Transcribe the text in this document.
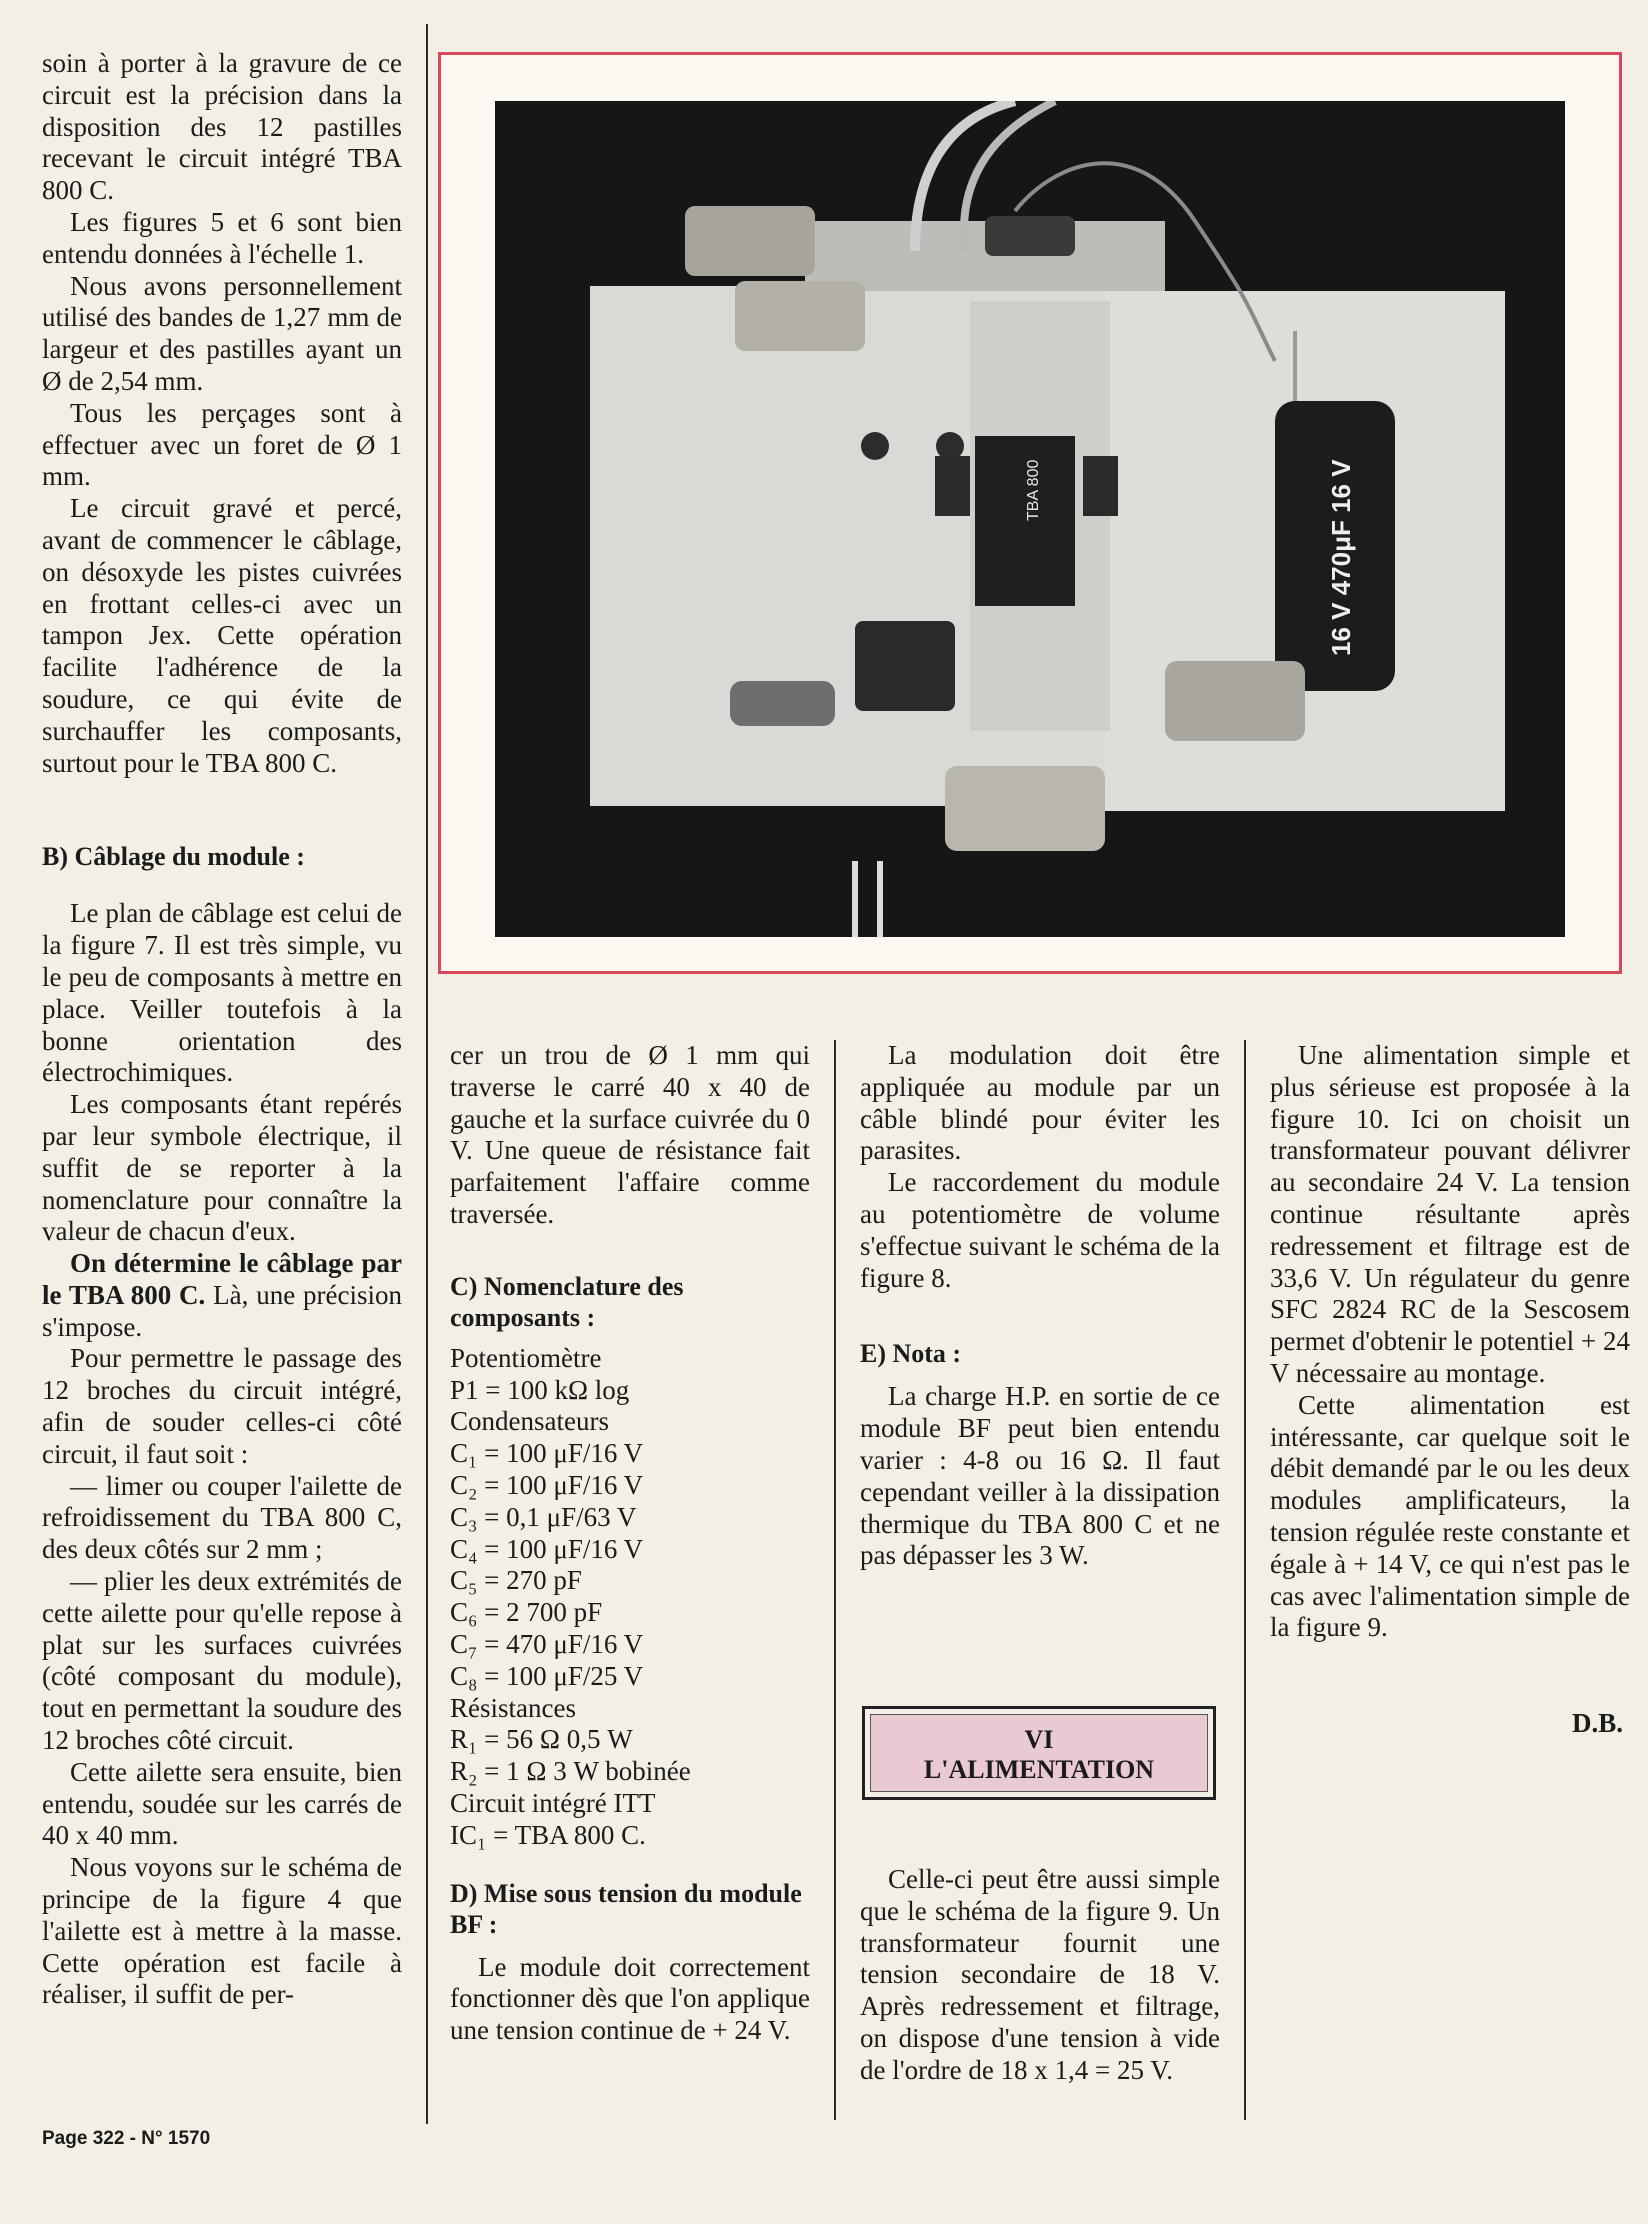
TBA 800	16 V 470μF 16 V

soin à porter à la gravure de ce circuit est la précision dans la disposition des 12 pastilles recevant le circuit intégré TBA 800 C.

Les figures 5 et 6 sont bien entendu données à l'échelle 1.

Nous avons personnellement utilisé des bandes de 1,27 mm de largeur et des pastilles ayant un Ø de 2,54 mm.

Tous les perçages sont à effectuer avec un foret de Ø 1 mm.

Le circuit gravé et percé, avant de commencer le câblage, on désoxyde les pistes cuivrées en frottant celles-ci avec un tampon Jex. Cette opération facilite l'adhérence de la soudure, ce qui évite de surchauffer les composants, surtout pour le TBA 800 C.

B) Câblage du module :

Le plan de câblage est celui de la figure 7. Il est très simple, vu le peu de composants à mettre en place. Veiller toutefois à la bonne orientation des électrochimiques.

Les composants étant repérés par leur symbole électrique, il suffit de se reporter à la nomenclature pour connaître la valeur de chacun d'eux.

On détermine le câblage par le TBA 800 C. Là, une précision s'impose.

Pour permettre le passage des 12 broches du circuit intégré, afin de souder celles-ci côté circuit, il faut soit :

— limer ou couper l'ailette de refroidissement du TBA 800 C, des deux côtés sur 2 mm ;

— plier les deux extrémités de cette ailette pour qu'elle repose à plat sur les surfaces cuivrées (côté composant du module), tout en permettant la soudure des 12 broches côté circuit.

Cette ailette sera ensuite, bien entendu, soudée sur les carrés de 40 x 40 mm.

Nous voyons sur le schéma de principe de la figure 4 que l'ailette est à mettre à la masse. Cette opération est facile à réaliser, il suffit de per-

cer un trou de Ø 1 mm qui traverse le carré 40 x 40 de gauche et la surface cuivrée du 0 V. Une queue de résistance fait parfaitement l'affaire comme traversée.

C) Nomenclature des composants :
Potentiomètre
P1 = 100 kΩ log
Condensateurs
C₁ = 100 μF/16 V
C₂ = 100 μF/16 V
C₃ = 0,1 μF/63 V
C₄ = 100 μF/16 V
C₅ = 270 pF
C₆ = 2 700 pF
C₇ = 470 μF/16 V
C₈ = 100 μF/25 V
Résistances
R₁ = 56 Ω 0,5 W
R₂ = 1 Ω 3 W bobinée
Circuit intégré ITT
IC₁ = TBA 800 C.
D) Mise sous tension du module BF :

Le module doit correctement fonctionner dès que l'on applique une tension continue de + 24 V.

La modulation doit être appliquée au module par un câble blindé pour éviter les parasites.

Le raccordement du module au potentiomètre de volume s'effectue suivant le schéma de la figure 8.

E) Nota :

La charge H.P. en sortie de ce module BF peut bien entendu varier : 4-8 ou 16 Ω. Il faut cependant veiller à la dissipation thermique du TBA 800 C et ne pas dépasser les 3 W.

VI
L'ALIMENTATION

Celle-ci peut être aussi simple que le schéma de la figure 9. Un transformateur fournit une tension secondaire de 18 V. Après redressement et filtrage, on dispose d'une tension à vide de l'ordre de 18 x 1,4 = 25 V.

Une alimentation simple et plus sérieuse est proposée à la figure 10. Ici on choisit un transformateur pouvant délivrer au secondaire 24 V. La tension continue résultante après redressement et filtrage est de 33,6 V. Un régulateur du genre SFC 2824 RC de la Sescosem permet d'obtenir le potentiel + 24 V nécessaire au montage.

Cette alimentation est intéressante, car quelque soit le débit demandé par le ou les deux modules amplificateurs, la tension régulée reste constante et égale à + 14 V, ce qui n'est pas le cas avec l'alimentation simple de la figure 9.

D.B.
Page 322 - N° 1570
